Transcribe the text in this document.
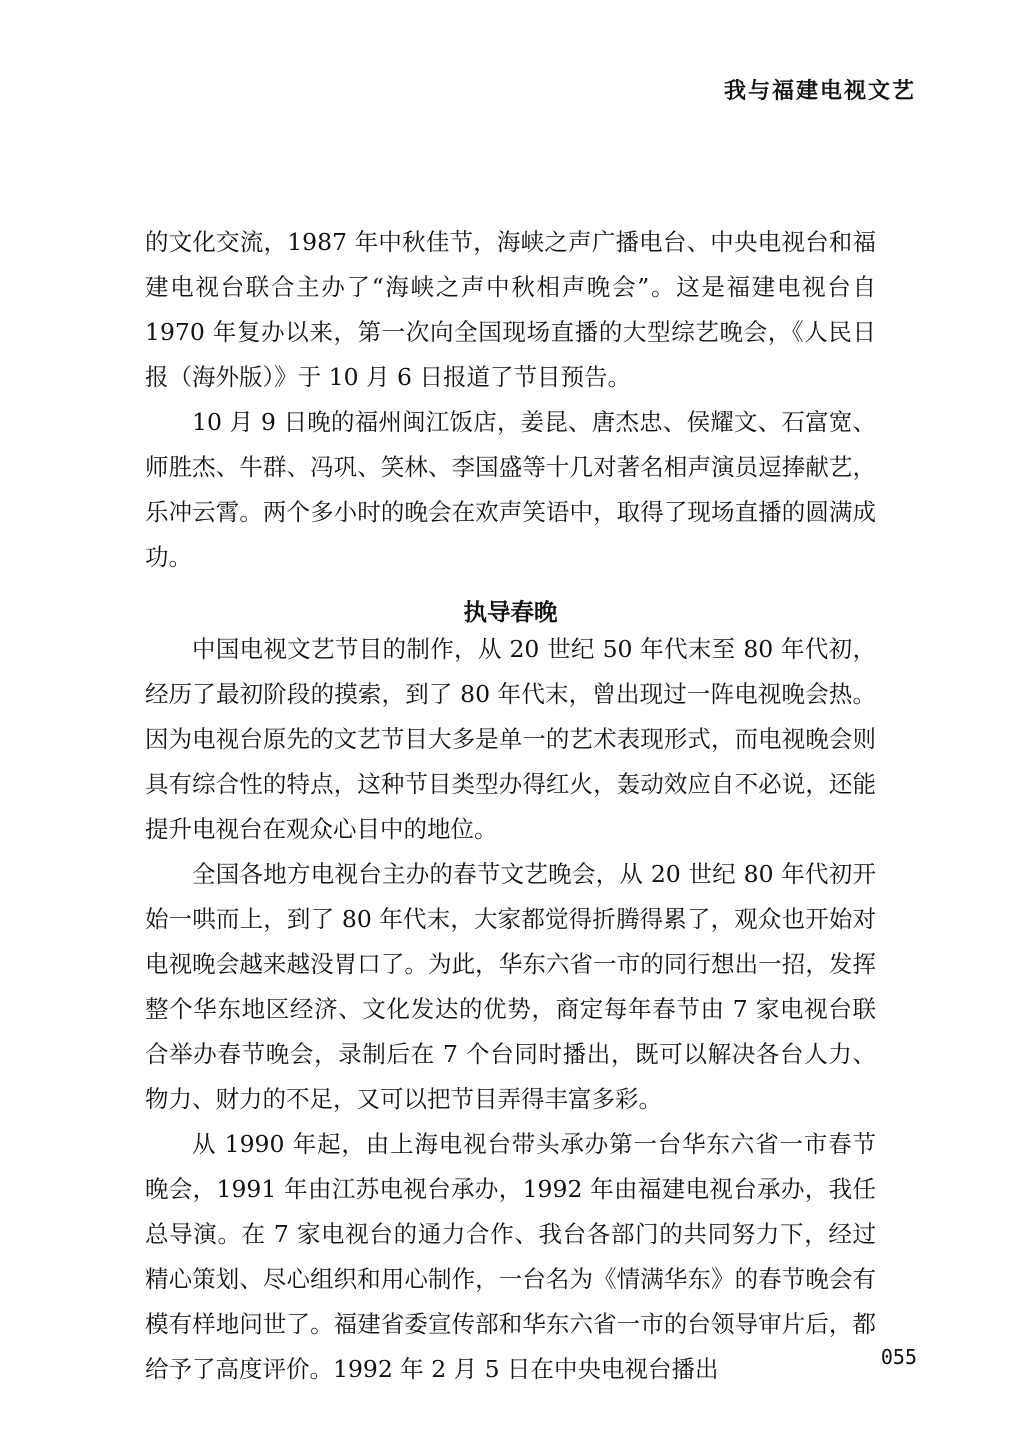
我与福建电视文艺

的文化交流，1987 年中秋佳节，海峡之声广播电台、中央电视台和福建电视台联合主办了“海峡之声中秋相声晚会”。这是福建电视台自 1970 年复办以来，第一次向全国现场直播的大型综艺晚会，《人民日报（海外版）》于 10 月 6 日报道了节目预告。

10 月 9 日晚的福州闽江饭店，姜昆、唐杰忠、侯耀文、石富宽、师胜杰、牛群、冯巩、笑林、李国盛等十几对著名相声演员逗捧献艺，乐冲云霄。两个多小时的晚会在欢声笑语中，取得了现场直播的圆满成功。

执导春晚

中国电视文艺节目的制作，从 20 世纪 50 年代末至 80 年代初，经历了最初阶段的摸索，到了 80 年代末，曾出现过一阵电视晚会热。因为电视台原先的文艺节目大多是单一的艺术表现形式，而电视晚会则具有综合性的特点，这种节目类型办得红火，轰动效应自不必说，还能提升电视台在观众心目中的地位。

全国各地方电视台主办的春节文艺晚会，从 20 世纪 80 年代初开始一哄而上，到了 80 年代末，大家都觉得折腾得累了，观众也开始对电视晚会越来越没胃口了。为此，华东六省一市的同行想出一招，发挥整个华东地区经济、文化发达的优势，商定每年春节由 7 家电视台联合举办春节晚会，录制后在 7 个台同时播出，既可以解决各台人力、物力、财力的不足，又可以把节目弄得丰富多彩。

从 1990 年起，由上海电视台带头承办第一台华东六省一市春节晚会，1991 年由江苏电视台承办，1992 年由福建电视台承办，我任总导演。在 7 家电视台的通力合作、我台各部门的共同努力下，经过精心策划、尽心组织和用心制作，一台名为《情满华东》的春节晚会有模有样地问世了。福建省委宣传部和华东六省一市的台领导审片后，都给予了高度评价。1992 年 2 月 5 日在中央电视台播出	055
